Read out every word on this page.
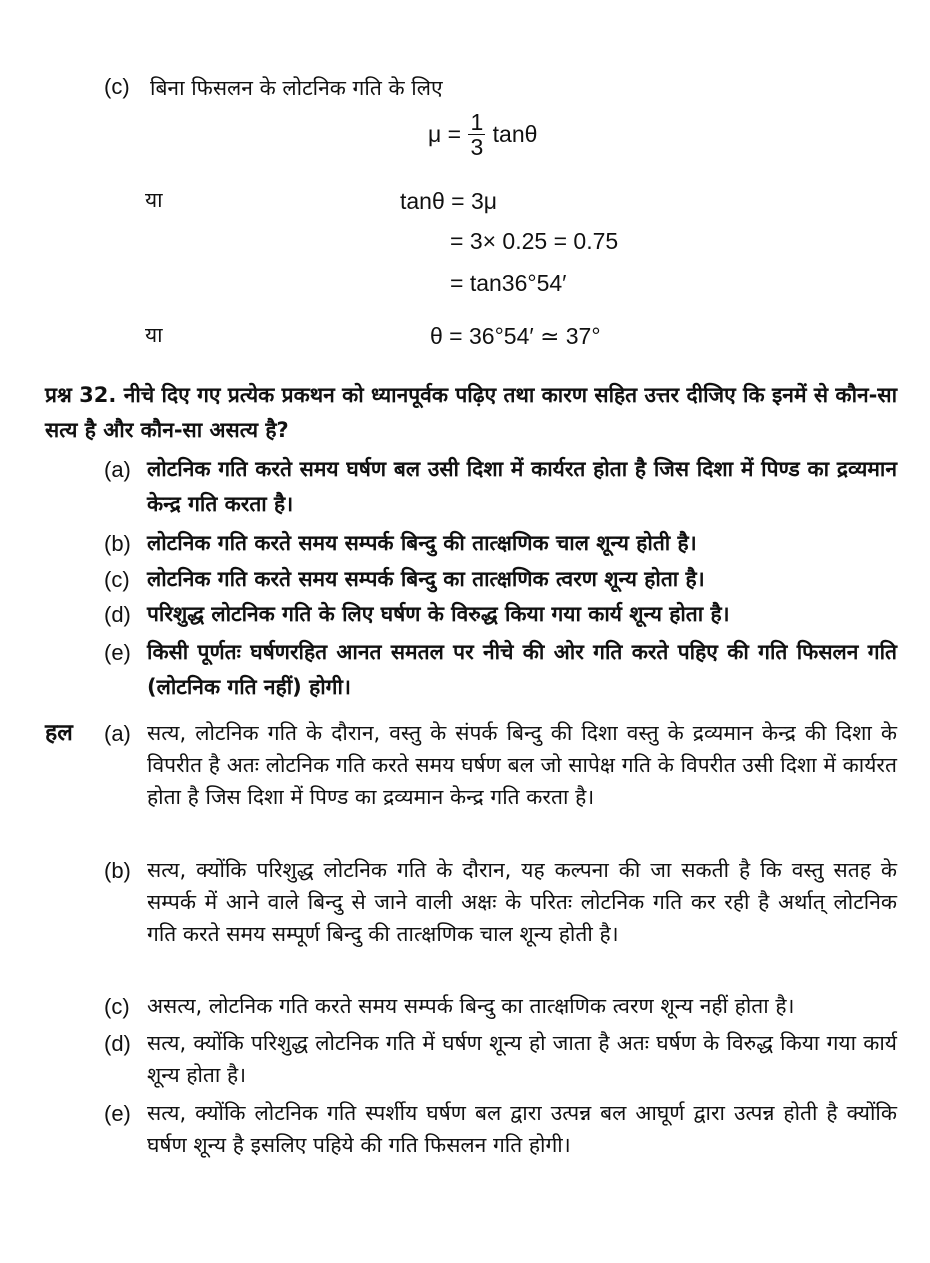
(c) बिना फिसलन के लोटनिक गति के लिए
$\mu = \frac{1}{3}$ tanθ
या	tanθ = 3μ
= 3× 0.25 = 0.75
= tan36°54′
या	θ = 36°54′ ≃ 37°
प्रश्न 32. नीचे दिए गए प्रत्येक प्रकथन को ध्यानपूर्वक पढ़िए तथा कारण सहित उत्तर दीजिए कि इनमें से कौन-सा सत्य है और कौन-सा असत्य है?
(a) लोटनिक गति करते समय घर्षण बल उसी दिशा में कार्यरत होता है जिस दिशा में पिण्ड का द्रव्यमान केन्द्र गति करता है।
(b) लोटनिक गति करते समय सम्पर्क बिन्दु की तात्क्षणिक चाल शून्य होती है।
(c) लोटनिक गति करते समय सम्पर्क बिन्दु का तात्क्षणिक त्वरण शून्य होता है।
(d) परिशुद्ध लोटनिक गति के लिए घर्षण के विरुद्ध किया गया कार्य शून्य होता है।
(e) किसी पूर्णतः घर्षणरहित आनत समतल पर नीचे की ओर गति करते पहिए की गति फिसलन गति (लोटनिक गति नहीं) होगी।
हल (a) सत्य, लोटनिक गति के दौरान, वस्तु के संपर्क बिन्दु की दिशा वस्तु के द्रव्यमान केन्द्र की दिशा के विपरीत है अतः लोटनिक गति करते समय घर्षण बल जो सापेक्ष गति के विपरीत उसी दिशा में कार्यरत होता है जिस दिशा में पिण्ड का द्रव्यमान केन्द्र गति करता है।
(b) सत्य, क्योंकि परिशुद्ध लोटनिक गति के दौरान, यह कल्पना की जा सकती है कि वस्तु सतह के सम्पर्क में आने वाले बिन्दु से जाने वाली अक्षः के परितः लोटनिक गति कर रही है अर्थात् लोटनिक गति करते समय सम्पूर्ण बिन्दु की तात्क्षणिक चाल शून्य होती है।
(c) असत्य, लोटनिक गति करते समय सम्पर्क बिन्दु का तात्क्षणिक त्वरण शून्य नहीं होता है।
(d) सत्य, क्योंकि परिशुद्ध लोटनिक गति में घर्षण शून्य हो जाता है अतः घर्षण के विरुद्ध किया गया कार्य शून्य होता है।
(e) सत्य, क्योंकि लोटनिक गति स्पर्शीय घर्षण बल द्वारा उत्पन्न बल आघूर्ण द्वारा उत्पन्न होती है क्योंकि घर्षण शून्य है इसलिए पहिये की गति फिसलन गति होगी।
